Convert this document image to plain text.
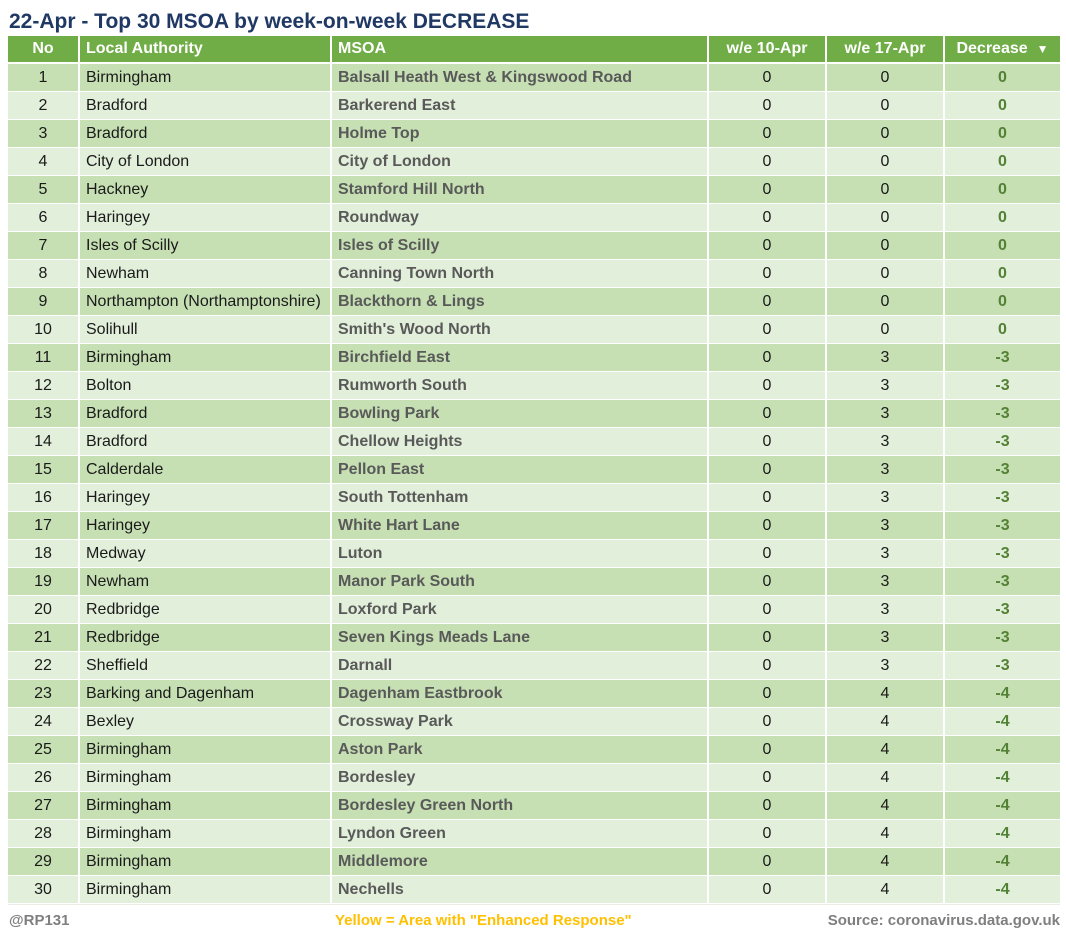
22-Apr - Top 30 MSOA by week-on-week DECREASE
No	Local Authority	MSOA	w/e 10-Apr	w/e 17-Apr	Decrease ▼
1	Birmingham	Balsall Heath West & Kingswood Road	0	0	0
2	Bradford	Barkerend East	0	0	0
3	Bradford	Holme Top	0	0	0
4	City of London	City of London	0	0	0
5	Hackney	Stamford Hill North	0	0	0
6	Haringey	Roundway	0	0	0
7	Isles of Scilly	Isles of Scilly	0	0	0
8	Newham	Canning Town North	0	0	0
9	Northampton (Northamptonshire)	Blackthorn & Lings	0	0	0
10	Solihull	Smith's Wood North	0	0	0
11	Birmingham	Birchfield East	0	3	-3
12	Bolton	Rumworth South	0	3	-3
13	Bradford	Bowling Park	0	3	-3
14	Bradford	Chellow Heights	0	3	-3
15	Calderdale	Pellon East	0	3	-3
16	Haringey	South Tottenham	0	3	-3
17	Haringey	White Hart Lane	0	3	-3
18	Medway	Luton	0	3	-3
19	Newham	Manor Park South	0	3	-3
20	Redbridge	Loxford Park	0	3	-3
21	Redbridge	Seven Kings Meads Lane	0	3	-3
22	Sheffield	Darnall	0	3	-3
23	Barking and Dagenham	Dagenham Eastbrook	0	4	-4
24	Bexley	Crossway Park	0	4	-4
25	Birmingham	Aston Park	0	4	-4
26	Birmingham	Bordesley	0	4	-4
27	Birmingham	Bordesley Green North	0	4	-4
28	Birmingham	Lyndon Green	0	4	-4
29	Birmingham	Middlemore	0	4	-4
30	Birmingham	Nechells	0	4	-4
@RP131	Yellow = Area with "Enhanced Response"	Source: coronavirus.data.gov.uk
